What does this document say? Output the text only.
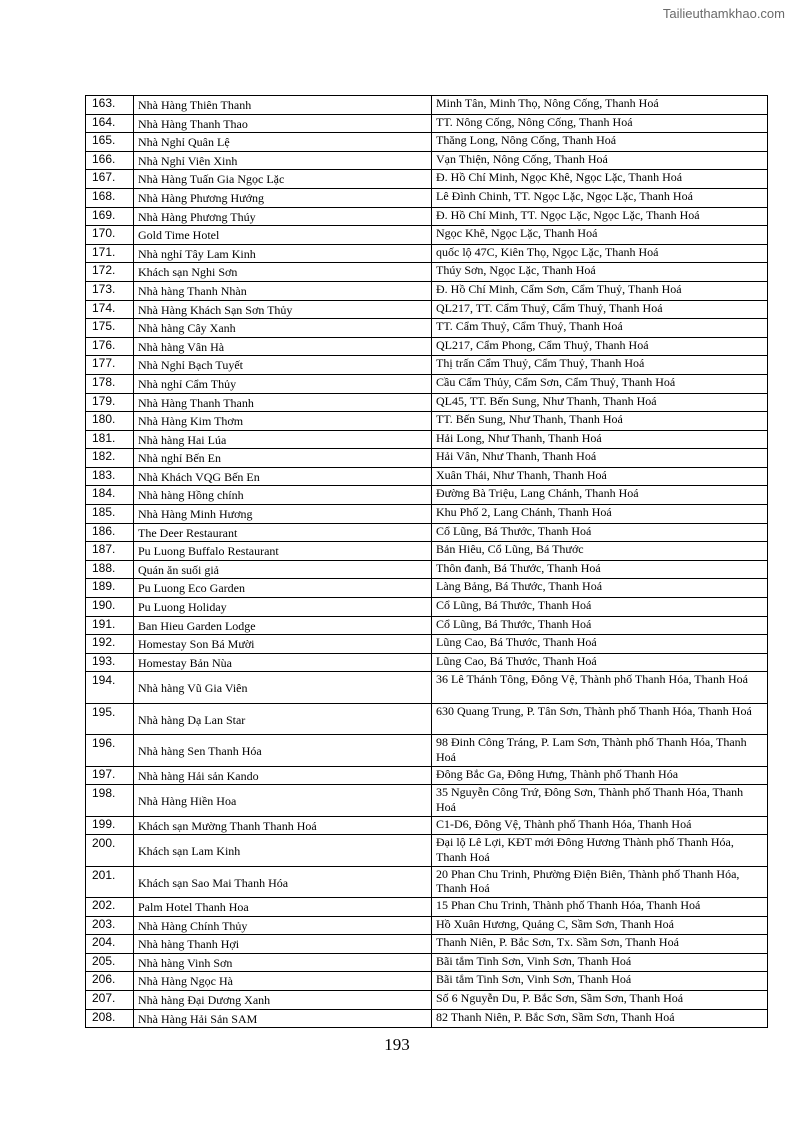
Tailieuthamkhao.com
163.	Nhà Hàng Thiên Thanh	Minh Tân, Minh Thọ, Nông Cống, Thanh Hoá
164.	Nhà Hàng Thanh Thao	TT. Nông Cống, Nông Cống, Thanh Hoá
165.	Nhà Nghỉ Quân Lệ	Thăng Long, Nông Cống, Thanh Hoá
166.	Nhà Nghỉ Viên Xinh	Vạn Thiện, Nông Cống, Thanh Hoá
167.	Nhà Hàng Tuấn Gia Ngọc Lặc	Đ. Hồ Chí Minh, Ngọc Khê, Ngọc Lặc, Thanh Hoá
168.	Nhà Hàng Phương Hướng	Lê Đình Chinh, TT. Ngọc Lặc, Ngọc Lặc, Thanh Hoá
169.	Nhà Hàng Phương Thúy	Đ. Hồ Chí Minh, TT. Ngọc Lặc, Ngọc Lặc, Thanh Hoá
170.	Gold Time Hotel	Ngọc Khê, Ngọc Lặc, Thanh Hoá
171.	Nhà nghỉ Tây Lam Kinh	quốc lộ 47C, Kiên Thọ, Ngọc Lặc, Thanh Hoá
172.	Khách sạn Nghi Sơn	Thúy Sơn, Ngọc Lặc, Thanh Hoá
173.	Nhà hàng Thanh Nhàn	Đ. Hồ Chí Minh, Cẩm Sơn, Cẩm Thuỷ, Thanh Hoá
174.	Nhà Hàng Khách Sạn Sơn Thủy	QL217, TT. Cẩm Thuỷ, Cẩm Thuỷ, Thanh Hoá
175.	Nhà hàng Cây Xanh	TT. Cẩm Thuỷ, Cẩm Thuỷ, Thanh Hoá
176.	Nhà hàng Vân Hà	QL217, Cẩm Phong, Cẩm Thuỷ, Thanh Hoá
177.	Nhà Nghỉ Bạch Tuyết	Thị trấn Cẩm Thuỷ, Cẩm Thuỷ, Thanh Hoá
178.	Nhà nghỉ Cẩm Thủy	Cầu Cẩm Thủy, Cẩm Sơn, Cẩm Thuỷ, Thanh Hoá
179.	Nhà Hàng Thanh Thanh	QL45, TT. Bến Sung, Như Thanh, Thanh Hoá
180.	Nhà Hàng Kim Thơm	TT. Bến Sung, Như Thanh, Thanh Hoá
181.	Nhà hàng Hai Lúa	Hải Long, Như Thanh, Thanh Hoá
182.	Nhà nghỉ Bến En	Hải Vân, Như Thanh, Thanh Hoá
183.	Nhà Khách VQG Bến En	Xuân Thái, Như Thanh, Thanh Hoá
184.	Nhà hàng Hồng chính	Đường Bà Triệu, Lang Chánh, Thanh Hoá
185.	Nhà Hàng Minh Hương	Khu Phố 2, Lang Chánh, Thanh Hoá
186.	The Deer Restaurant	Cổ Lũng, Bá Thước, Thanh Hoá
187.	Pu Luong Buffalo Restaurant	Bản Hiêu, Cổ Lũng, Bá Thước
188.	Quán ăn suối giả	Thôn đanh, Bá Thước, Thanh Hoá
189.	Pu Luong Eco Garden	Làng Bảng, Bá Thước, Thanh Hoá
190.	Pu Luong Holiday	Cổ Lũng, Bá Thước, Thanh Hoá
191.	Ban Hieu Garden Lodge	Cổ Lũng, Bá Thước, Thanh Hoá
192.	Homestay Son Bá Mười	Lũng Cao, Bá Thước, Thanh Hoá
193.	Homestay Bản Nùa	Lũng Cao, Bá Thước, Thanh Hoá
194.	Nhà hàng Vũ Gia Viên	36 Lê Thánh Tông, Đông Vệ, Thành phố Thanh Hóa, Thanh Hoá
195.	Nhà hàng Dạ Lan Star	630 Quang Trung, P. Tân Sơn, Thành phố Thanh Hóa, Thanh Hoá
196.	Nhà hàng Sen Thanh Hóa	98 Đinh Công Tráng, P. Lam Sơn, Thành phố Thanh Hóa, Thanh Hoá
197.	Nhà hàng Hải sản Kando	Đông Bắc Ga, Đông Hưng, Thành phố Thanh Hóa
198.	Nhà Hàng Hiền Hoa	35 Nguyễn Công Trứ, Đông Sơn, Thành phố Thanh Hóa, Thanh Hoá
199.	Khách sạn Mường Thanh Thanh Hoá	C1-D6, Đông Vệ, Thành phố Thanh Hóa, Thanh Hoá
200.	Khách sạn Lam Kinh	Đại lộ Lê Lợi, KĐT mới Đông Hương Thành phố Thanh Hóa, Thanh Hoá
201.	Khách sạn Sao Mai Thanh Hóa	20 Phan Chu Trinh, Phường Điện Biên, Thành phố Thanh Hóa, Thanh Hoá
202.	Palm Hotel Thanh Hoa	15 Phan Chu Trinh, Thành phố Thanh Hóa, Thanh Hoá
203.	Nhà Hàng Chính Thủy	Hồ Xuân Hương, Quảng C, Sầm Sơn, Thanh Hoá
204.	Nhà hàng Thanh Hợi	Thanh Niên, P. Bắc Sơn, Tx. Sầm Sơn, Thanh Hoá
205.	Nhà hàng Vinh Sơn	Bãi tắm Tinh Sơn, Vinh Sơn, Thanh Hoá
206.	Nhà Hàng Ngọc Hà	Bãi tắm Tinh Sơn, Vinh Sơn, Thanh Hoá
207.	Nhà hàng Đại Dương Xanh	Số 6 Nguyễn Du, P. Bắc Sơn, Sầm Sơn, Thanh Hoá
208.	Nhà Hàng Hải Sản SAM	82 Thanh Niên, P. Bắc Sơn, Sầm Sơn, Thanh Hoá
193
